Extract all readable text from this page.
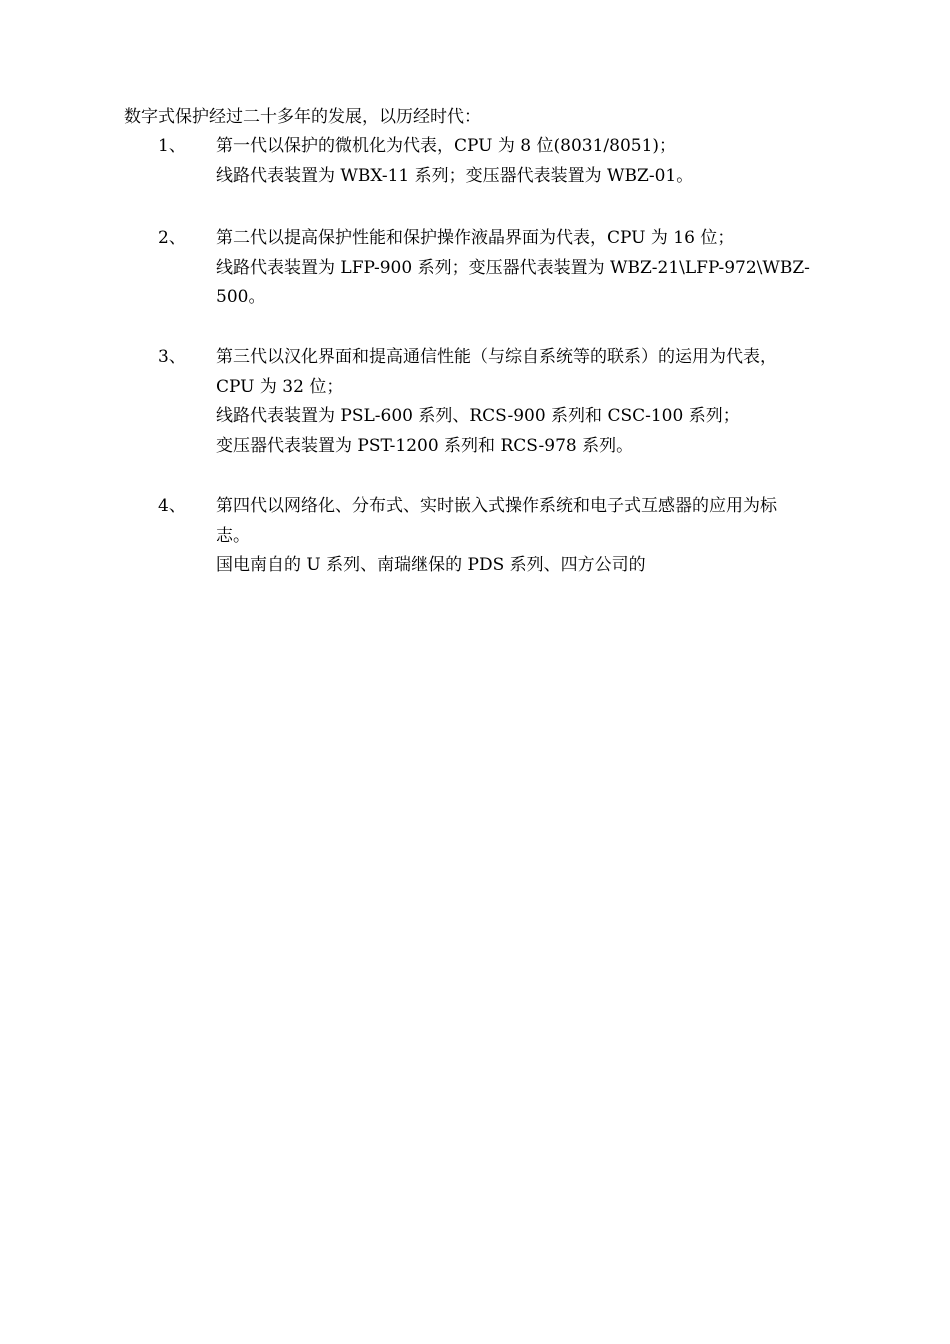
数字式保护经过二十多年的发展，以历经时代：
1、 第一代以保护的微机化为代表，CPU 为 8 位(8031/8051)；
线路代表装置为 WBX-11 系列；变压器代表装置为 WBZ-01。
2、 第二代以提高保护性能和保护操作液晶界面为代表，CPU 为 16 位；
线路代表装置为 LFP-900 系列；变压器代表装置为 WBZ-21\LFP-972\WBZ-
500。
3、 第三代以汉化界面和提高通信性能（与综自系统等的联系）的运用为代表，
CPU 为 32 位；
线路代表装置为 PSL-600 系列、RCS-900 系列和 CSC-100 系列；
变压器代表装置为 PST-1200 系列和 RCS-978 系列。
4、 第四代以网络化、分布式、实时嵌入式操作系统和电子式互感器的应用为标
志。
国电南自的 U 系列、南瑞继保的 PDS 系列、四方公司的
